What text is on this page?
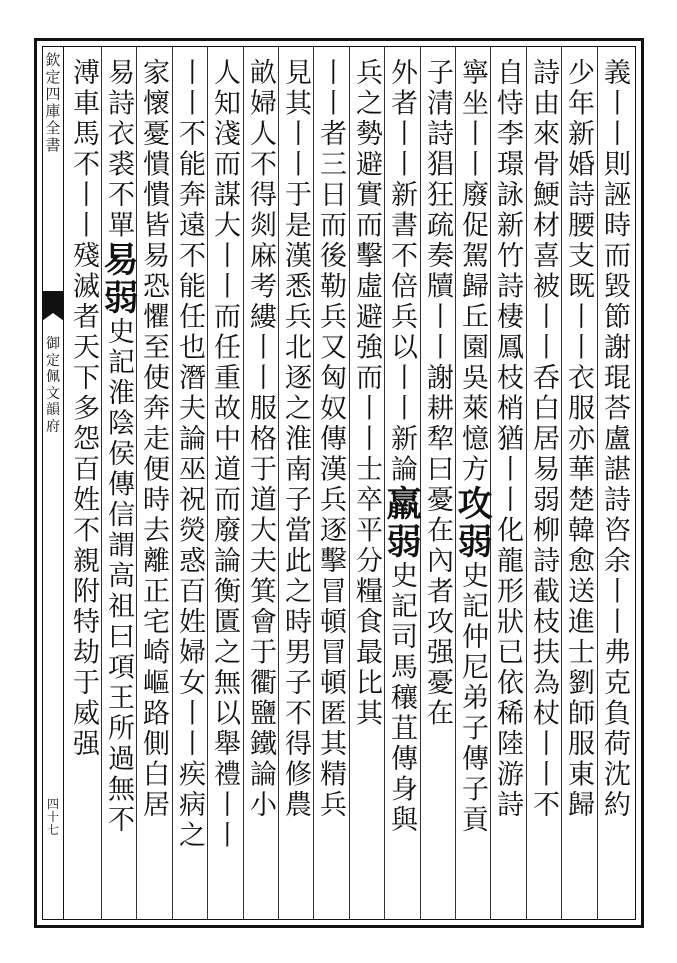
欽定四庫全書
御定佩文韻府
四十七
義丨丨則誣時而毀節謝琨荅盧諶詩咨余丨丨弗克負荷沈約
少年新婚詩腰支既丨丨衣服亦華楚韓愈送進士劉師服東歸
詩由來骨鯁材喜被丨丨呑白居易弱柳詩截枝扶為杖丨丨不
自恃李璟詠新竹詩棲鳳枝梢猶丨丨化龍形狀已依稀陸游詩
寧坐丨丨廢促駕歸丘園吳萊憶方攻弱史記仲尼弟子傳子貢
子清詩猖狂疏奏牘丨丨謝耕犂曰憂在內者攻强憂在
外者丨丨新書不倍兵以丨丨新論羸弱史記司馬穰苴傳身與
兵之勢避實而擊虛避強而丨丨士卒平分糧食最比其
丨丨者三日而後勒兵又匈奴傳漢兵逐擊冒頓冒頓匿其精兵
見其丨丨于是漢悉兵北逐之淮南子當此之時男子不得修農
畝婦人不得剡麻考縷丨丨服格于道大夫箕會于衢鹽鐵論小
人知淺而謀大丨丨而任重故中道而廢論衡匱之無以舉禮丨丨
丨丨不能奔遠不能任也潛夫論巫祝熒惑百姓婦女丨丨疾病之
家懷憂憒憒皆易恐懼至使奔走便時去離正宅崎嶇路側白居
易詩衣裘不單易弱史記淮陰侯傳信謂高祖曰項王所過無不
溥車馬不丨丨殘滅者天下多怨百姓不親附特劫于威强
